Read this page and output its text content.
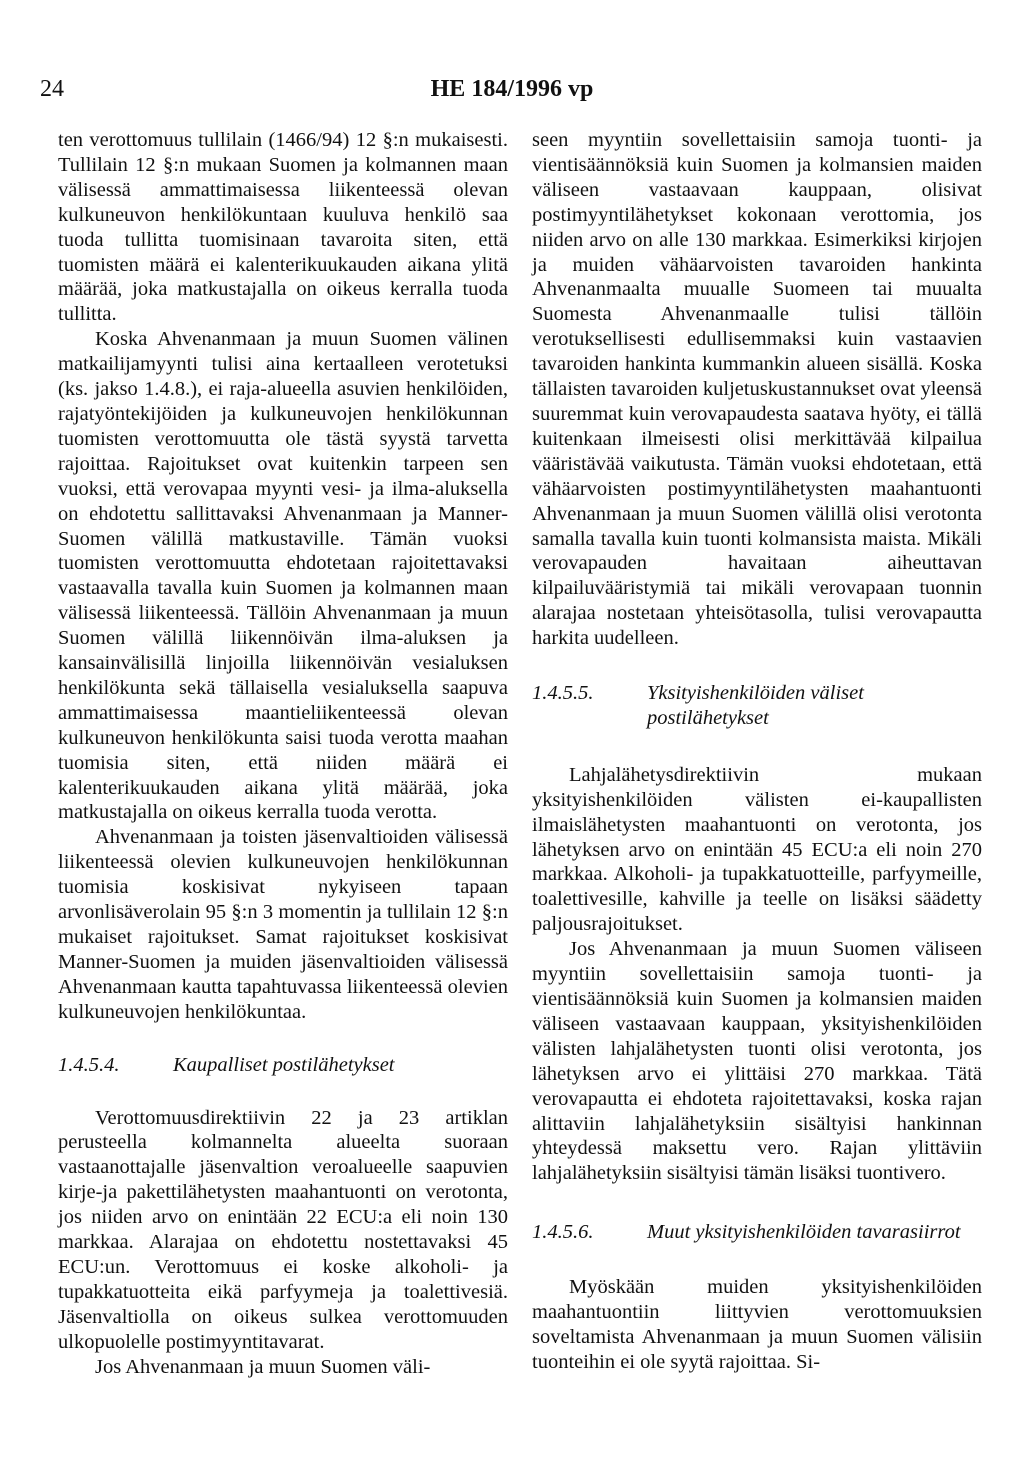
24	HE 184/1996 vp

ten verottomuus tullilain (1466/94) 12 §:n mukaisesti. Tullilain 12 §:n mukaan Suomen ja kolmannen maan välisessä ammattimaisessa liikenteessä olevan kulkuneuvon henkilökuntaan kuuluva henkilö saa tuoda tullitta tuomisinaan tavaroita siten, että tuomisten määrä ei kalenterikuukauden aikana ylitä määrää, joka matkustajalla on oikeus kerralla tuoda tullitta.

Koska Ahvenanmaan ja muun Suomen välinen matkailijamyynti tulisi aina kertaalleen verotetuksi (ks. jakso 1.4.8.), ei raja-alueella asuvien henkilöiden, rajatyöntekijöiden ja kulkuneuvojen henkilökunnan tuomisten verottomuutta ole tästä syystä tarvetta rajoittaa. Rajoitukset ovat kuitenkin tarpeen sen vuoksi, että verovapaa myynti vesi- ja ilma-aluksella on ehdotettu sallittavaksi Ahvenanmaan ja Manner-Suomen välillä matkustaville. Tämän vuoksi tuomisten verottomuutta ehdotetaan rajoitettavaksi vastaavalla tavalla kuin Suomen ja kolmannen maan välisessä liikenteessä. Tällöin Ahvenanmaan ja muun Suomen välillä liikennöivän ilma-aluksen ja kansainvälisillä linjoilla liikennöivän vesialuksen henkilökunta sekä tällaisella vesialuksella saapuva ammattimaisessa maantieliikenteessä olevan kulkuneuvon henkilökunta saisi tuoda verotta maahan tuomisia siten, että niiden määrä ei kalenterikuukauden aikana ylitä määrää, joka matkustajalla on oikeus kerralla tuoda verotta.

Ahvenanmaan ja toisten jäsenvaltioiden välisessä liikenteessä olevien kulkuneuvojen henkilökunnan tuomisia koskisivat nykyiseen tapaan arvonlisäverolain 95 §:n 3 momentin ja tullilain 12 §:n mukaiset rajoitukset. Samat rajoitukset koskisivat Manner-Suomen ja muiden jäsenvaltioiden välisessä Ahvenanmaan kautta tapahtuvassa liikenteessä olevien kulkuneuvojen henkilökuntaa.

1.4.5.4.	Kaupalliset postilähetykset

Verottomuusdirektiivin 22 ja 23 artiklan perusteella kolmannelta alueelta suoraan vastaanottajalle jäsenvaltion veroalueelle saapuvien kirje-ja pakettilähetysten maahantuonti on verotonta, jos niiden arvo on enintään 22 ECU:a eli noin 130 markkaa. Alarajaa on ehdotettu nostettavaksi 45 ECU:un. Verottomuus ei koske alkoholi- ja tupakkatuotteita eikä parfyymeja ja toalettivesiä. Jäsenvaltiolla on oikeus sulkea verottomuuden ulkopuolelle postimyyntitavarat.

Jos Ahvenanmaan ja muun Suomen väli-

seen myyntiin sovellettaisiin samoja tuonti- ja vientisäännöksiä kuin Suomen ja kolmansien maiden väliseen vastaavaan kauppaan, olisivat postimyyntilähetykset kokonaan verottomia, jos niiden arvo on alle 130 markkaa. Esimerkiksi kirjojen ja muiden vähäarvoisten tavaroiden hankinta Ahvenanmaalta muualle Suomeen tai muualta Suomesta Ahvenanmaalle tulisi tällöin verotuksellisesti edullisemmaksi kuin vastaavien tavaroiden hankinta kummankin alueen sisällä. Koska tällaisten tavaroiden kuljetuskustannukset ovat yleensä suuremmat kuin verovapaudesta saatava hyöty, ei tällä kuitenkaan ilmeisesti olisi merkittävää kilpailua vääristävää vaikutusta. Tämän vuoksi ehdotetaan, että vähäarvoisten postimyyntilähetysten maahantuonti Ahvenanmaan ja muun Suomen välillä olisi verotonta samalla tavalla kuin tuonti kolmansista maista. Mikäli verovapauden havaitaan aiheuttavan kilpailuvääristymiä tai mikäli verovapaan tuonnin alarajaa nostetaan yhteisötasolla, tulisi verovapautta harkita uudelleen.

1.4.5.5.	Yksityishenkilöiden väliset postilähetykset

Lahjalähetysdirektiivin mukaan yksityishenkilöiden välisten ei-kaupallisten ilmaislähetysten maahantuonti on verotonta, jos lähetyksen arvo on enintään 45 ECU:a eli noin 270 markkaa. Alkoholi- ja tupakkatuotteille, parfyymeille, toalettivesille, kahville ja teelle on lisäksi säädetty paljousrajoitukset.

Jos Ahvenanmaan ja muun Suomen väliseen myyntiin sovellettaisiin samoja tuonti- ja vientisäännöksiä kuin Suomen ja kolmansien maiden väliseen vastaavaan kauppaan, yksityishenkilöiden välisten lahjalähetysten tuonti olisi verotonta, jos lähetyksen arvo ei ylittäisi 270 markkaa. Tätä verovapautta ei ehdoteta rajoitettavaksi, koska rajan alittaviin lahjalähetyksiin sisältyisi hankinnan yhteydessä maksettu vero. Rajan ylittäviin lahjalähetyksiin sisältyisi tämän lisäksi tuontivero.

1.4.5.6.	Muut yksityishenkilöiden tavarasiirrot

Myöskään muiden yksityishenkilöiden maahantuontiin liittyvien verottomuuksien soveltamista Ahvenanmaan ja muun Suomen välisiin tuonteihin ei ole syytä rajoittaa. Si-
